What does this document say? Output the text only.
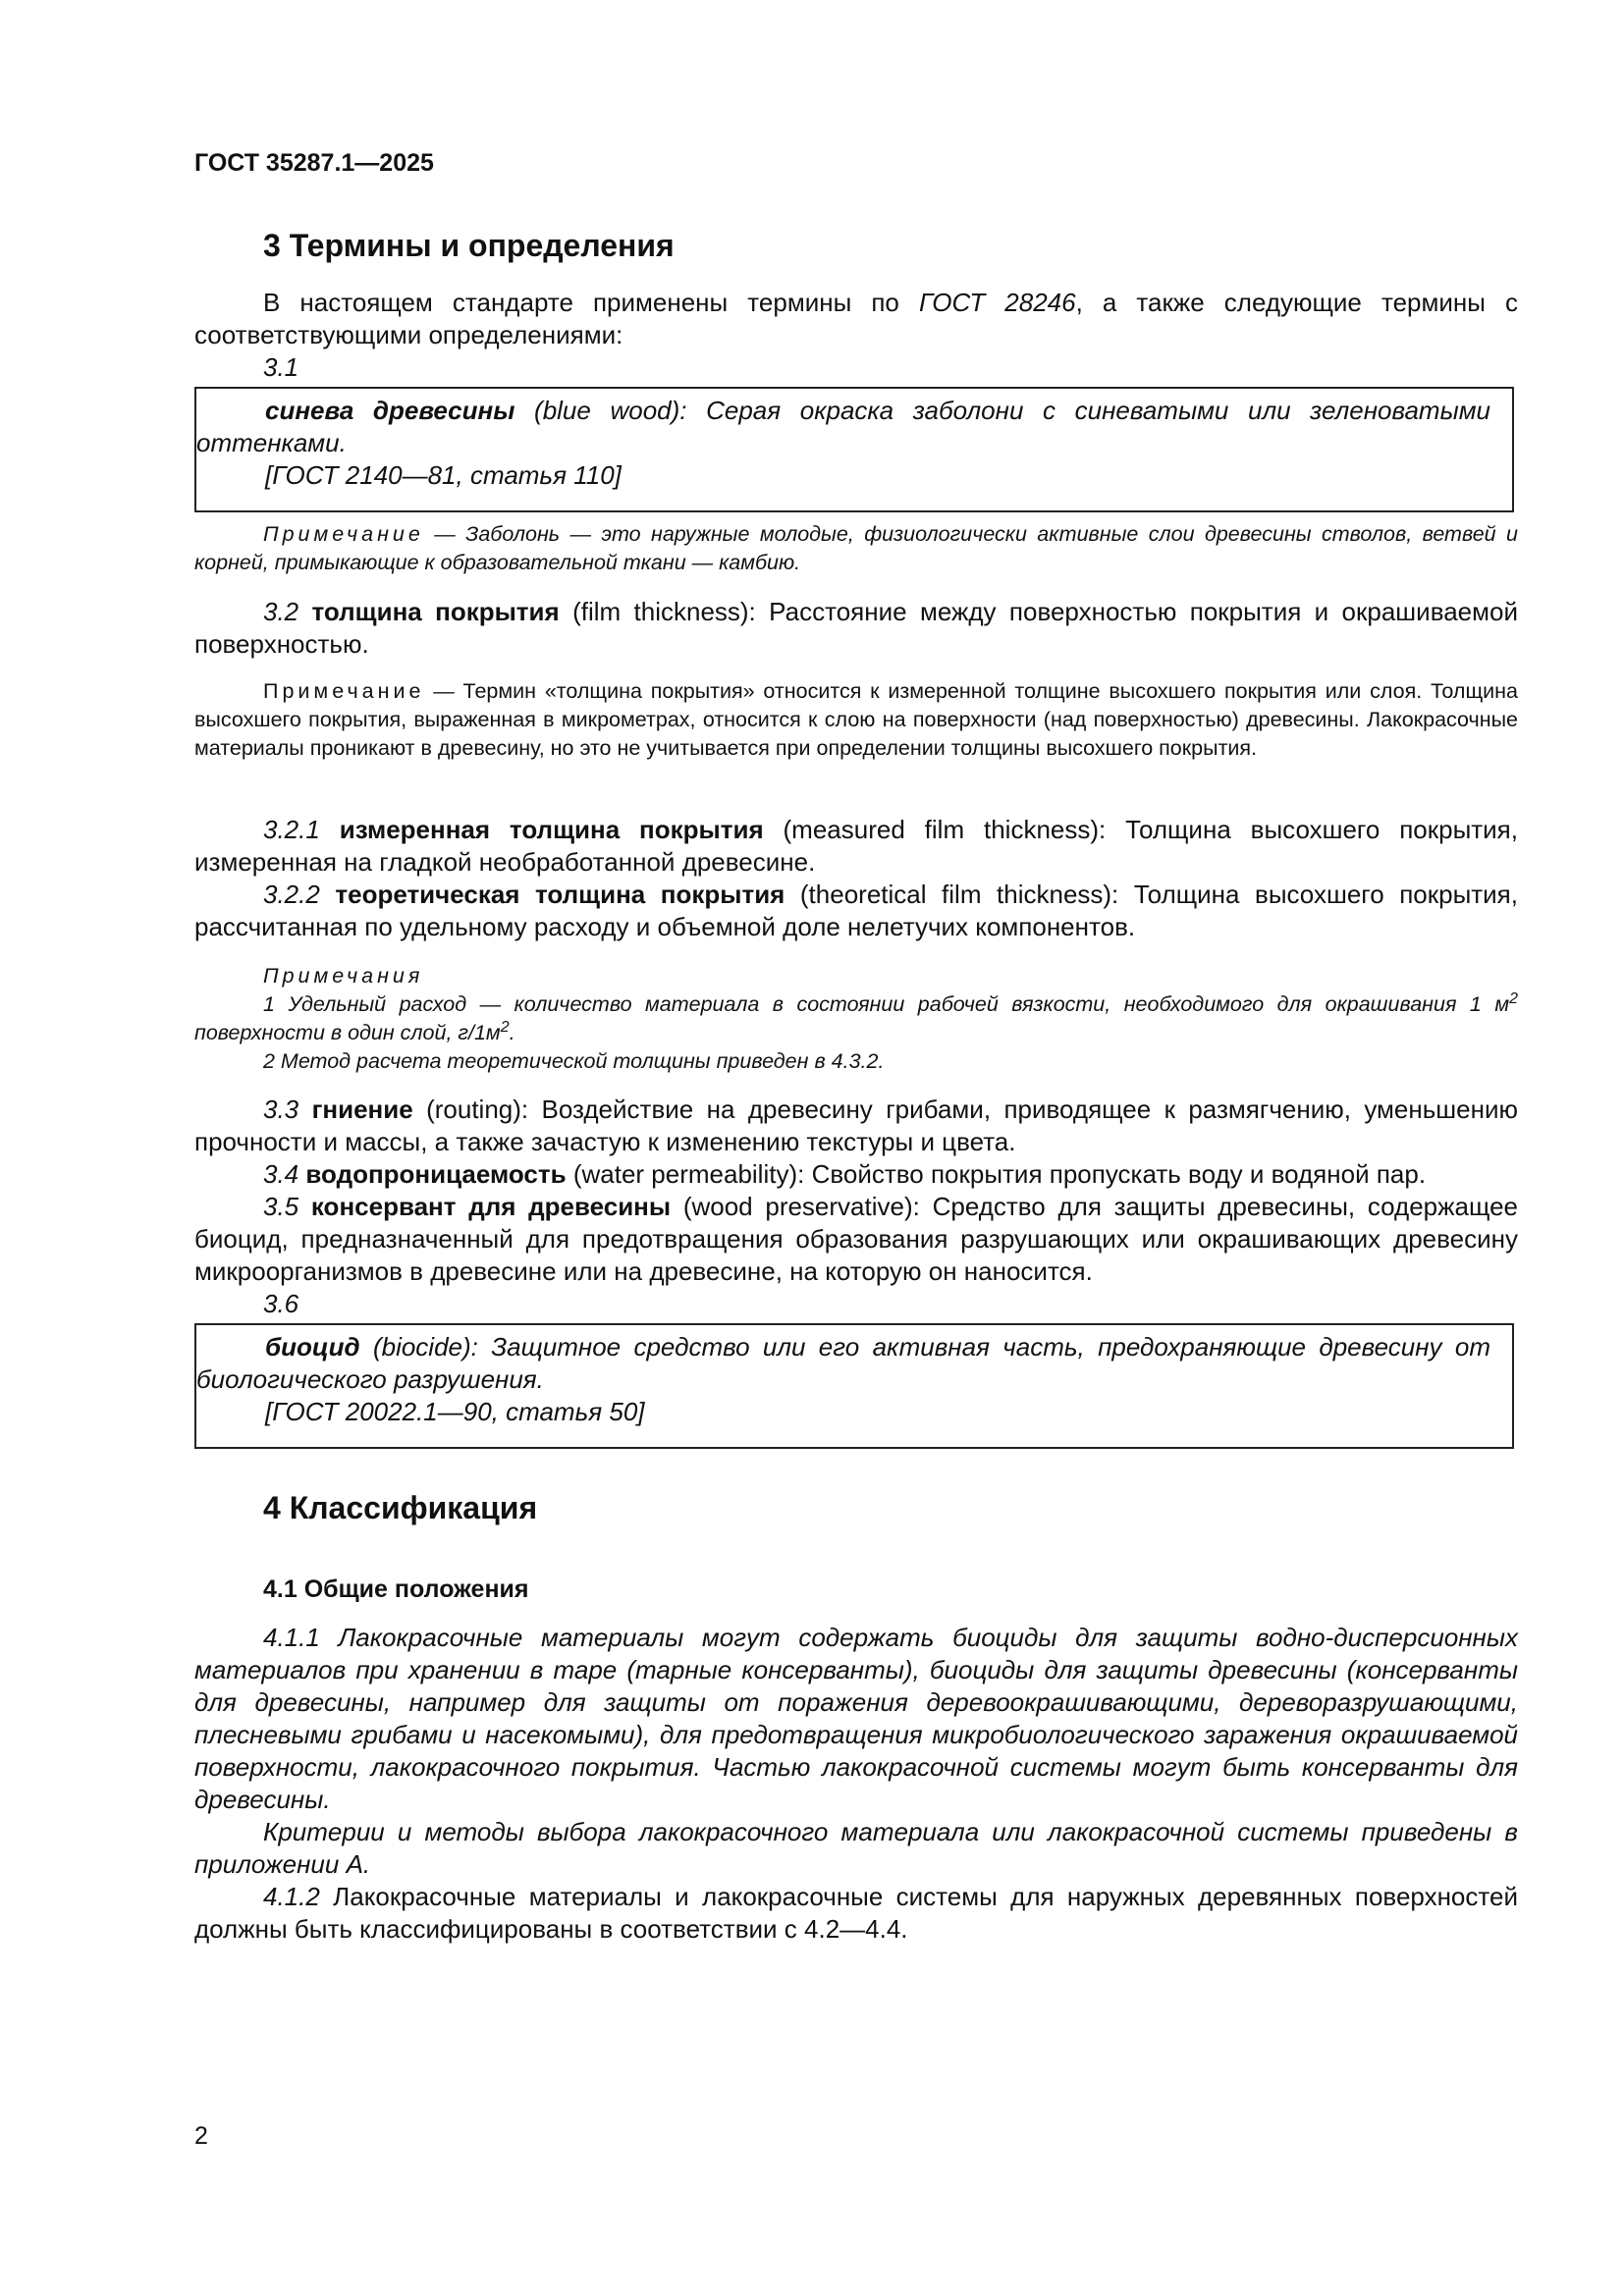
ГОСТ 35287.1—2025
3 Термины и определения
В настоящем стандарте применены термины по ГОСТ 28246, а также следующие термины с соответствующими определениями:
3.1
синева древесины (blue wood): Серая окраска заболони с синеватыми или зеленоватыми оттенками.
[ГОСТ 2140—81, статья 110]
Примечание — Заболонь — это наружные молодые, физиологически активные слои древесины стволов, ветвей и корней, примыкающие к образовательной ткани — камбию.
3.2 толщина покрытия (film thickness): Расстояние между поверхностью покрытия и окрашиваемой поверхностью.
Примечание — Термин «толщина покрытия» относится к измеренной толщине высохшего покрытия или слоя. Толщина высохшего покрытия, выраженная в микрометрах, относится к слою на поверхности (над поверхностью) древесины. Лакокрасочные материалы проникают в древесину, но это не учитывается при определении толщины высохшего покрытия.
3.2.1 измеренная толщина покрытия (measured film thickness): Толщина высохшего покрытия, измеренная на гладкой необработанной древесине.
3.2.2 теоретическая толщина покрытия (theoretical film thickness): Толщина высохшего покрытия, рассчитанная по удельному расходу и объемной доле нелетучих компонентов.
Примечания
1 Удельный расход — количество материала в состоянии рабочей вязкости, необходимого для окрашивания 1 $м^2$ поверхности в один слой, $г/1м^2$.
2 Метод расчета теоретической толщины приведен в 4.3.2.
3.3 гниение (routing): Воздействие на древесину грибами, приводящее к размягчению, уменьшению прочности и массы, а также зачастую к изменению текстуры и цвета.
3.4 водопроницаемость (water permeability): Свойство покрытия пропускать воду и водяной пар.
3.5 консервант для древесины (wood preservative): Средство для защиты древесины, содержащее биоцид, предназначенный для предотвращения образования разрушающих или окрашивающих древесину микроорганизмов в древесине или на древесине, на которую он наносится.
3.6
биоцид (biocide): Защитное средство или его активная часть, предохраняющие древесину от биологического разрушения.
[ГОСТ 20022.1—90, статья 50]
4 Классификация
4.1 Общие положения
4.1.1 Лакокрасочные материалы могут содержать биоциды для защиты водно-дисперсионных материалов при хранении в таре (тарные консерванты), биоциды для защиты древесины (консерванты для древесины, например для защиты от поражения деревоокрашивающими, дереворазрушающими, плесневыми грибами и насекомыми), для предотвращения микробиологического заражения окрашиваемой поверхности, лакокрасочного покрытия. Частью лакокрасочной системы могут быть консерванты для древесины.
Критерии и методы выбора лакокрасочного материала или лакокрасочной системы приведены в приложении А.
4.1.2 Лакокрасочные материалы и лакокрасочные системы для наружных деревянных поверхностей должны быть классифицированы в соответствии с 4.2—4.4.
2
